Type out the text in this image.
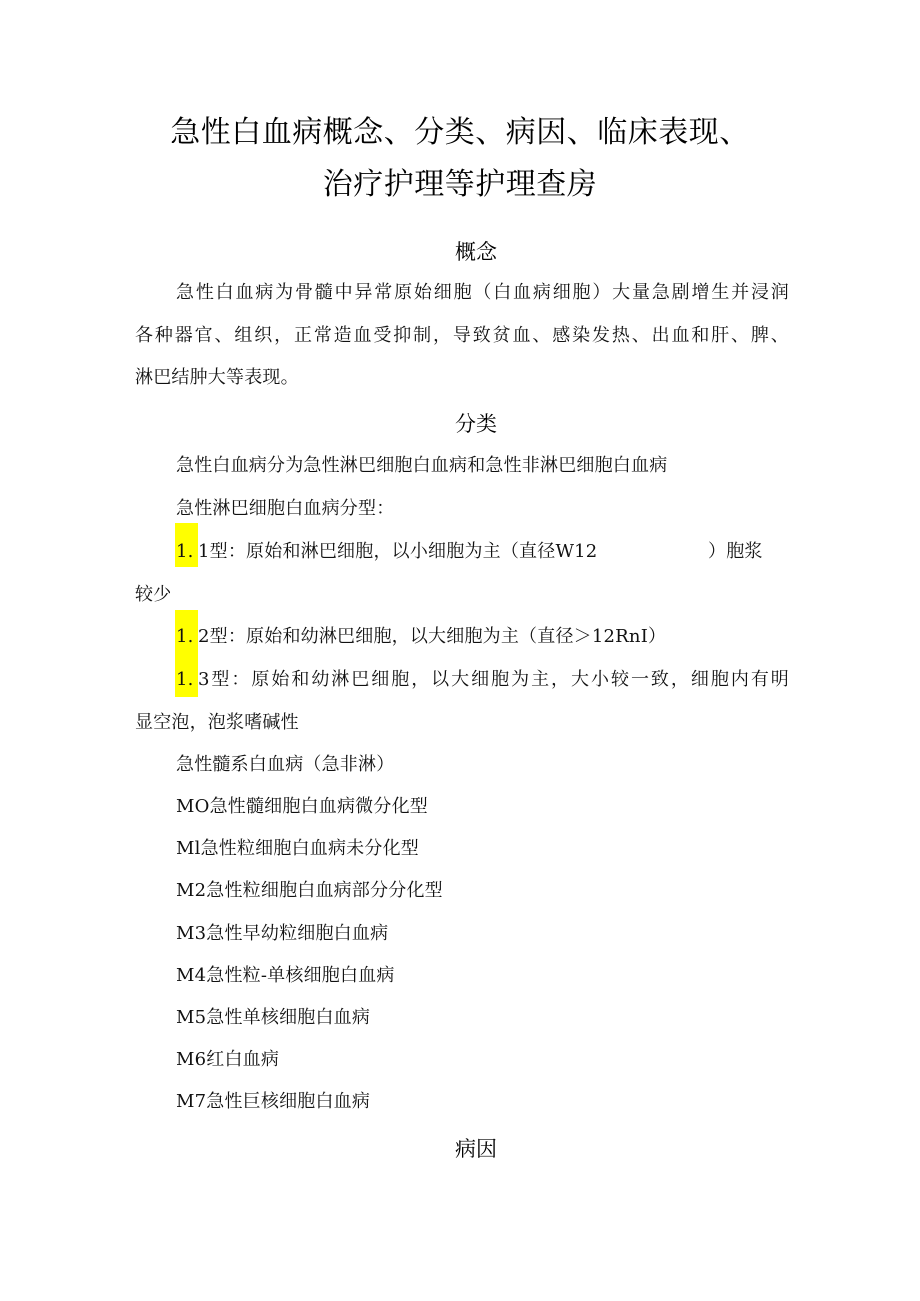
急性白血病概念、分类、病因、临床表现、
治疗护理等护理查房
概念
急性白血病为骨髓中异常原始细胞（白血病细胞）大量急剧增生并浸润
各种器官、组织，正常造血受抑制，导致贫血、感染发热、出血和肝、脾、
淋巴结肿大等表现。
分类
急性白血病分为急性淋巴细胞白血病和急性非淋巴细胞白血病
急性淋巴细胞白血病分型：
1. 1型：原始和淋巴细胞，以小细胞为主（直径W12	）胞浆
较少
1. 2型：原始和幼淋巴细胞，以大细胞为主（直径＞12RnI）
1. 3型：原始和幼淋巴细胞，以大细胞为主，大小较一致，细胞内有明
显空泡，泡浆嗜碱性
急性髓系白血病（急非淋）
MO急性髓细胞白血病微分化型
Ml急性粒细胞白血病未分化型
M2急性粒细胞白血病部分分化型
M3急性早幼粒细胞白血病
M4急性粒-单核细胞白血病
M5急性单核细胞白血病
M6红白血病
M7急性巨核细胞白血病
病因
